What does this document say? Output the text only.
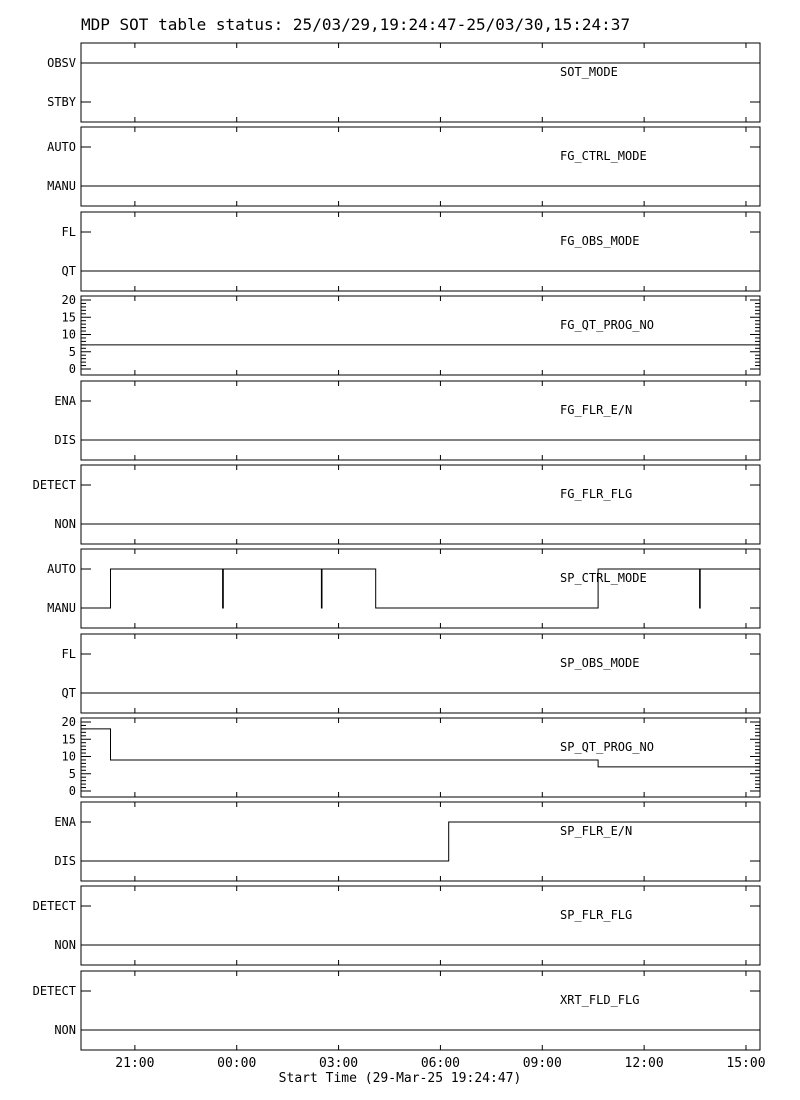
MDP SOT table status: 25/03/29,19:24:47-25/03/30,15:24:37
SOT_MODE
OBSV
STBY
FG_CTRL_MODE
AUTO
MANU
FG_OBS_MODE
FL
QT
FG_QT_PROG_NO
20
15
10
5
0
FG_FLR_E/N
ENA
DIS
FG_FLR_FLG
DETECT
NON
SP_CTRL_MODE
AUTO
MANU
SP_OBS_MODE
FL
QT
SP_QT_PROG_NO
20
15
10
5
0
SP_FLR_E/N
ENA
DIS
SP_FLR_FLG
DETECT
NON
XRT_FLD_FLG
DETECT
NON
21:00	00:00	03:00	06:00	09:00	12:00	15:00
Start Time (29-Mar-25 19:24:47)
